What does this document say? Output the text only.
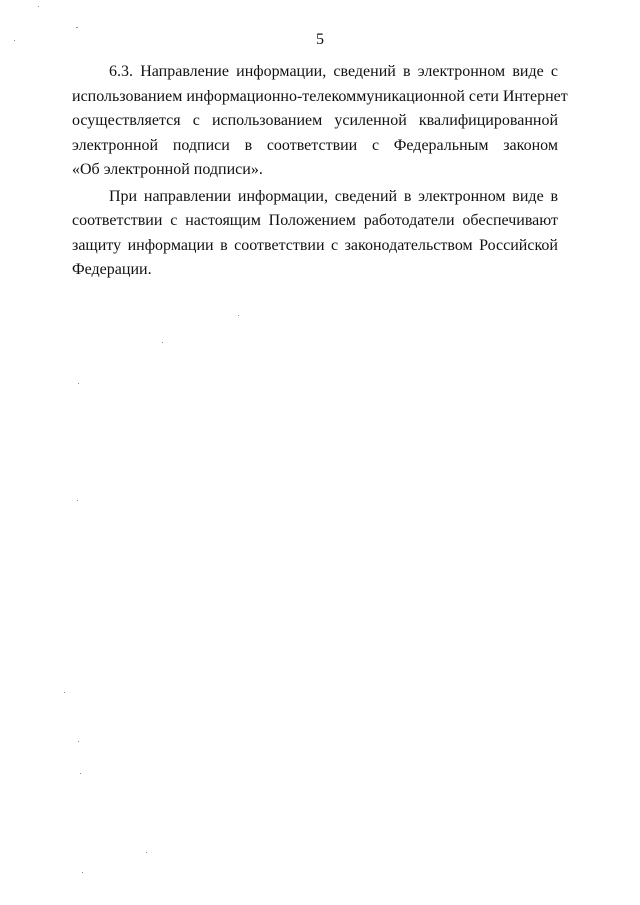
5
6.3. Направление информации, сведений в электронном виде с
использованием информационно-телекоммуникационной сети Интернет
осуществляется с использованием усиленной квалифицированной
электронной подписи в соответствии с Федеральным законом
«Об электронной подписи».
При направлении информации, сведений в электронном виде в
соответствии с настоящим Положением работодатели обеспечивают
защиту информации в соответствии с законодательством Российской
Федерации.
